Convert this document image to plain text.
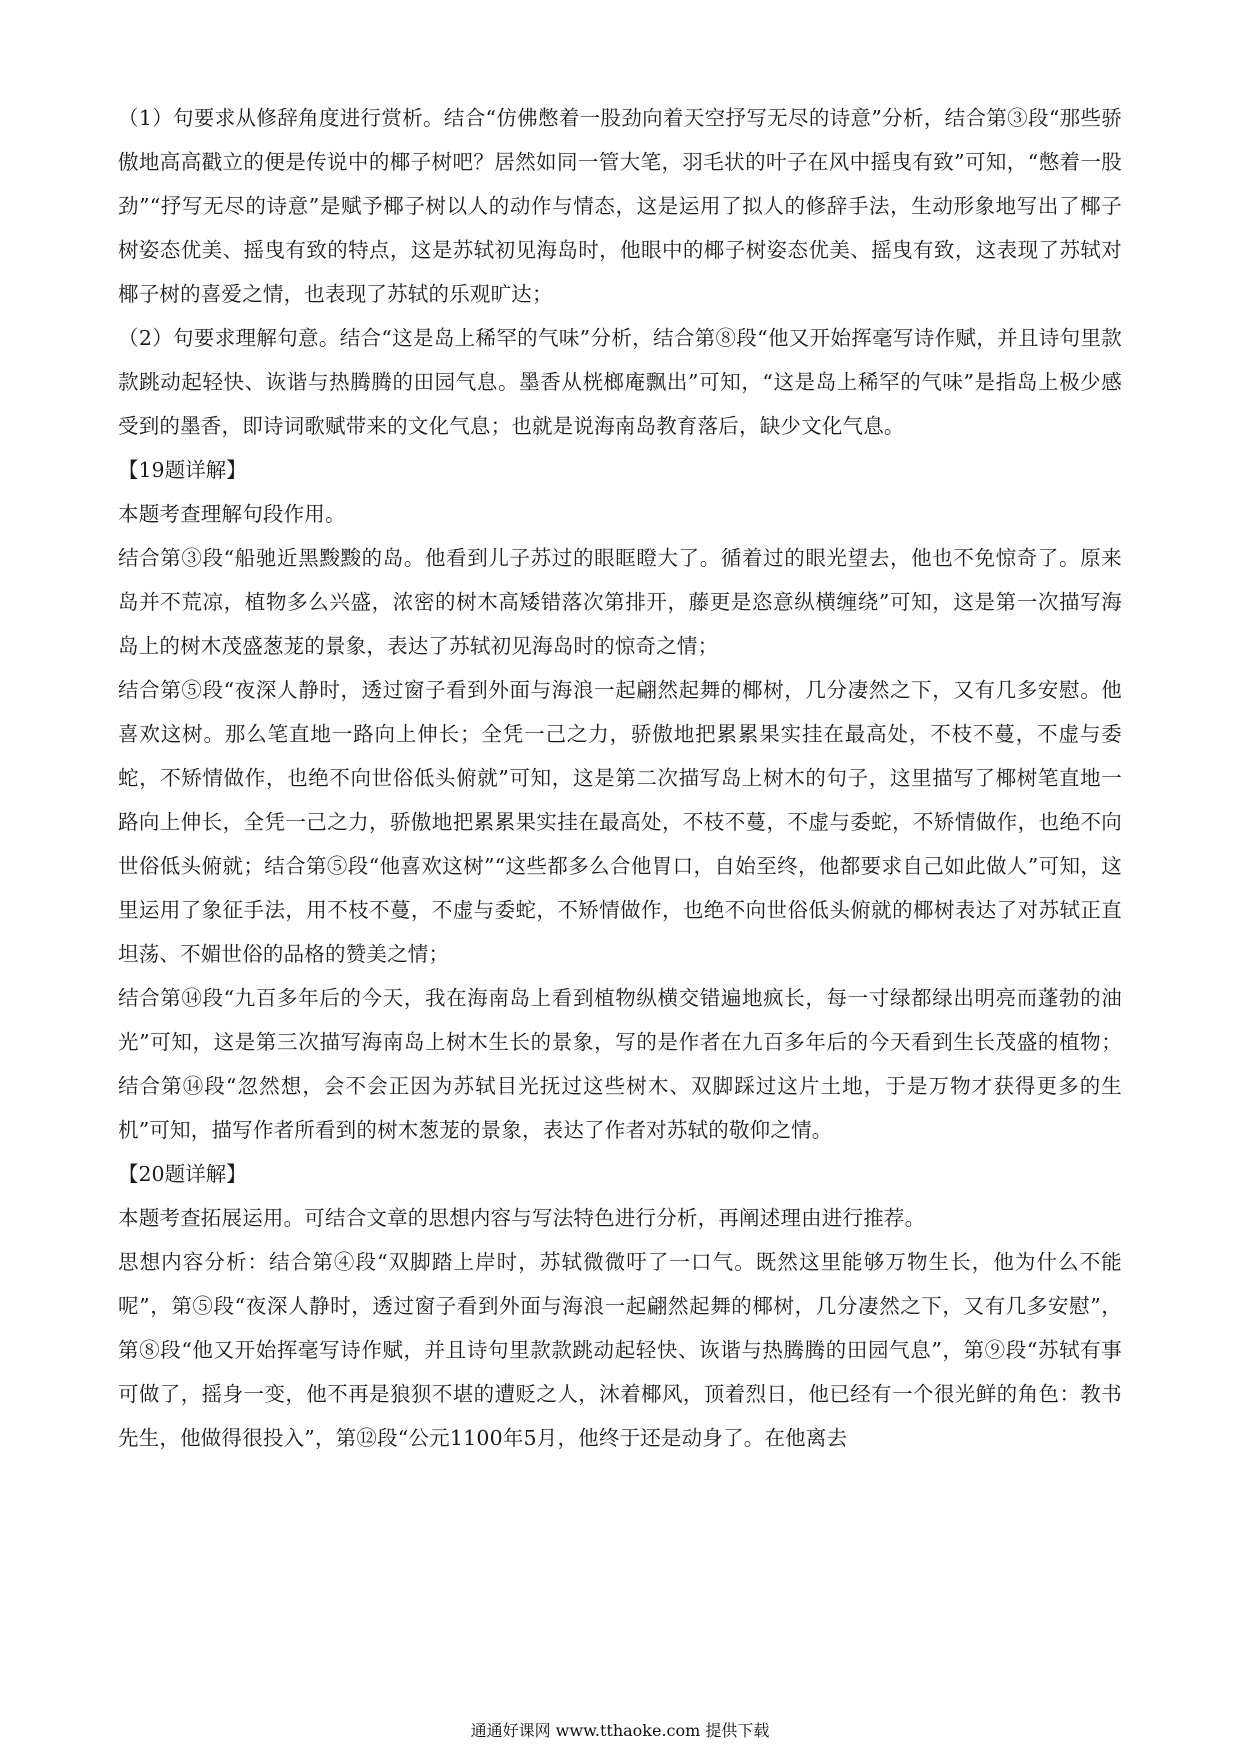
（1）句要求从修辞角度进行赏析。结合“仿佛憋着一股劲向着天空抒写无尽的诗意”分析，结合第③段“那些骄傲地高高戳立的便是传说中的椰子树吧？居然如同一管大笔，羽毛状的叶子在风中摇曳有致”可知，“憋着一股劲”“抒写无尽的诗意”是赋予椰子树以人的动作与情态，这是运用了拟人的修辞手法，生动形象地写出了椰子树姿态优美、摇曳有致的特点，这是苏轼初见海岛时，他眼中的椰子树姿态优美、摇曳有致，这表现了苏轼对椰子树的喜爱之情，也表现了苏轼的乐观旷达；

（2）句要求理解句意。结合“这是岛上稀罕的气味”分析，结合第⑧段“他又开始挥毫写诗作赋，并且诗句里款款跳动起轻快、诙谐与热腾腾的田园气息。墨香从桄榔庵飘出”可知，“这是岛上稀罕的气味”是指岛上极少感受到的墨香，即诗词歌赋带来的文化气息；也就是说海南岛教育落后，缺少文化气息。

【19题详解】

本题考查理解句段作用。

结合第③段“船驰近黑黢黢的岛。他看到儿子苏过的眼眶瞪大了。循着过的眼光望去，他也不免惊奇了。原来岛并不荒凉，植物多么兴盛，浓密的树木高矮错落次第排开，藤更是恣意纵横缠绕”可知，这是第一次描写海岛上的树木茂盛葱茏的景象，表达了苏轼初见海岛时的惊奇之情；

结合第⑤段“夜深人静时，透过窗子看到外面与海浪一起翩然起舞的椰树，几分凄然之下，又有几多安慰。他喜欢这树。那么笔直地一路向上伸长；全凭一己之力，骄傲地把累累果实挂在最高处，不枝不蔓，不虚与委蛇，不矫情做作，也绝不向世俗低头俯就”可知，这是第二次描写岛上树木的句子，这里描写了椰树笔直地一路向上伸长，全凭一己之力，骄傲地把累累果实挂在最高处，不枝不蔓，不虚与委蛇，不矫情做作，也绝不向世俗低头俯就；结合第⑤段“他喜欢这树”“这些都多么合他胃口，自始至终，他都要求自己如此做人”可知，这里运用了象征手法，用不枝不蔓，不虚与委蛇，不矫情做作，也绝不向世俗低头俯就的椰树表达了对苏轼正直坦荡、不媚世俗的品格的赞美之情；

结合第⑭段“九百多年后的今天，我在海南岛上看到植物纵横交错遍地疯长，每一寸绿都绿出明亮而蓬勃的油光”可知，这是第三次描写海南岛上树木生长的景象，写的是作者在九百多年后的今天看到生长茂盛的植物；结合第⑭段“忽然想，会不会正因为苏轼目光抚过这些树木、双脚踩过这片土地，于是万物才获得更多的生机”可知，描写作者所看到的树木葱茏的景象，表达了作者对苏轼的敬仰之情。

【20题详解】

本题考查拓展运用。可结合文章的思想内容与写法特色进行分析，再阐述理由进行推荐。

思想内容分析：结合第④段“双脚踏上岸时，苏轼微微吁了一口气。既然这里能够万物生长，他为什么不能呢”，第⑤段“夜深人静时，透过窗子看到外面与海浪一起翩然起舞的椰树，几分凄然之下，又有几多安慰”，第⑧段“他又开始挥毫写诗作赋，并且诗句里款款跳动起轻快、诙谐与热腾腾的田园气息”，第⑨段“苏轼有事可做了，摇身一变，他不再是狼狈不堪的遭贬之人，沐着椰风，顶着烈日，他已经有一个很光鲜的角色：教书先生，他做得很投入”，第⑫段“公元1100年5月，他终于还是动身了。在他离去

通通好课网 www.tthaoke.com 提供下载
